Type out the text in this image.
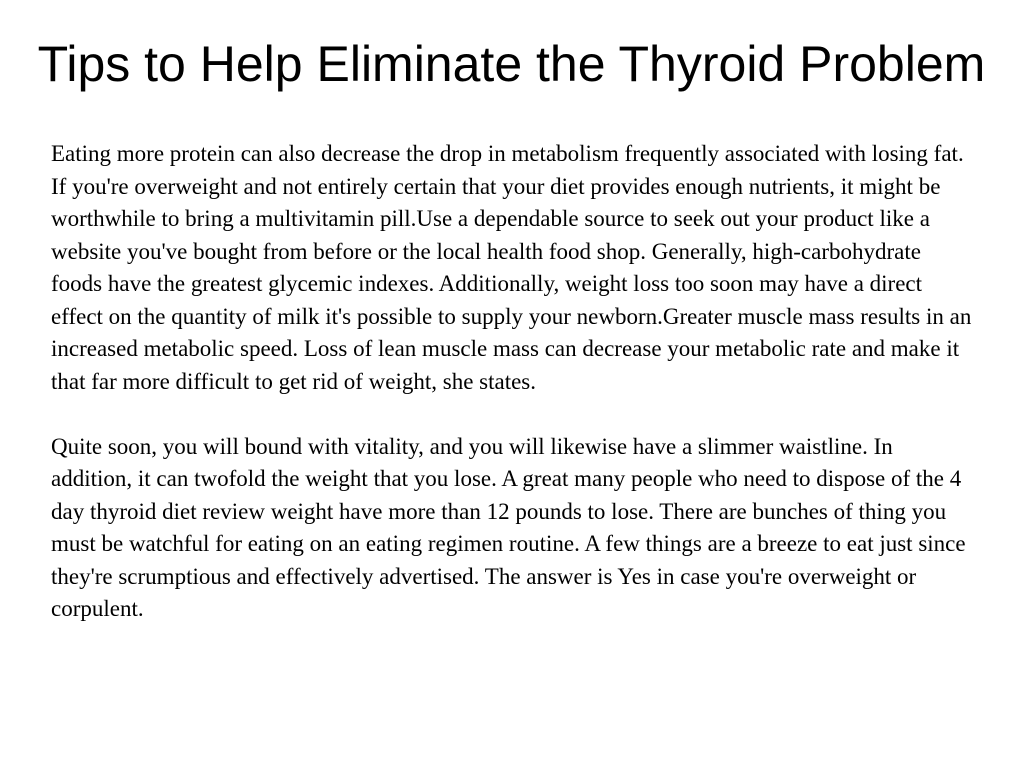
Tips to Help Eliminate the Thyroid Problem

Eating more protein can also decrease the drop in metabolism frequently associated with losing fat. If you're overweight and not entirely certain that your diet provides enough nutrients, it might be worthwhile to bring a multivitamin pill.Use a dependable source to seek out your product like a website you've bought from before or the local health food shop. Generally, high-carbohydrate foods have the greatest glycemic indexes. Additionally, weight loss too soon may have a direct effect on the quantity of milk it's possible to supply your newborn.Greater muscle mass results in an increased metabolic speed. Loss of lean muscle mass can decrease your metabolic rate and make it that far more difficult to get rid of weight, she states.

Quite soon, you will bound with vitality, and you will likewise have a slimmer waistline. In addition, it can twofold the weight that you lose. A great many people who need to dispose of the 4 day thyroid diet review weight have more than 12 pounds to lose. There are bunches of thing you must be watchful for eating on an eating regimen routine. A few things are a breeze to eat just since they're scrumptious and effectively advertised. The answer is Yes in case you're overweight or corpulent.
